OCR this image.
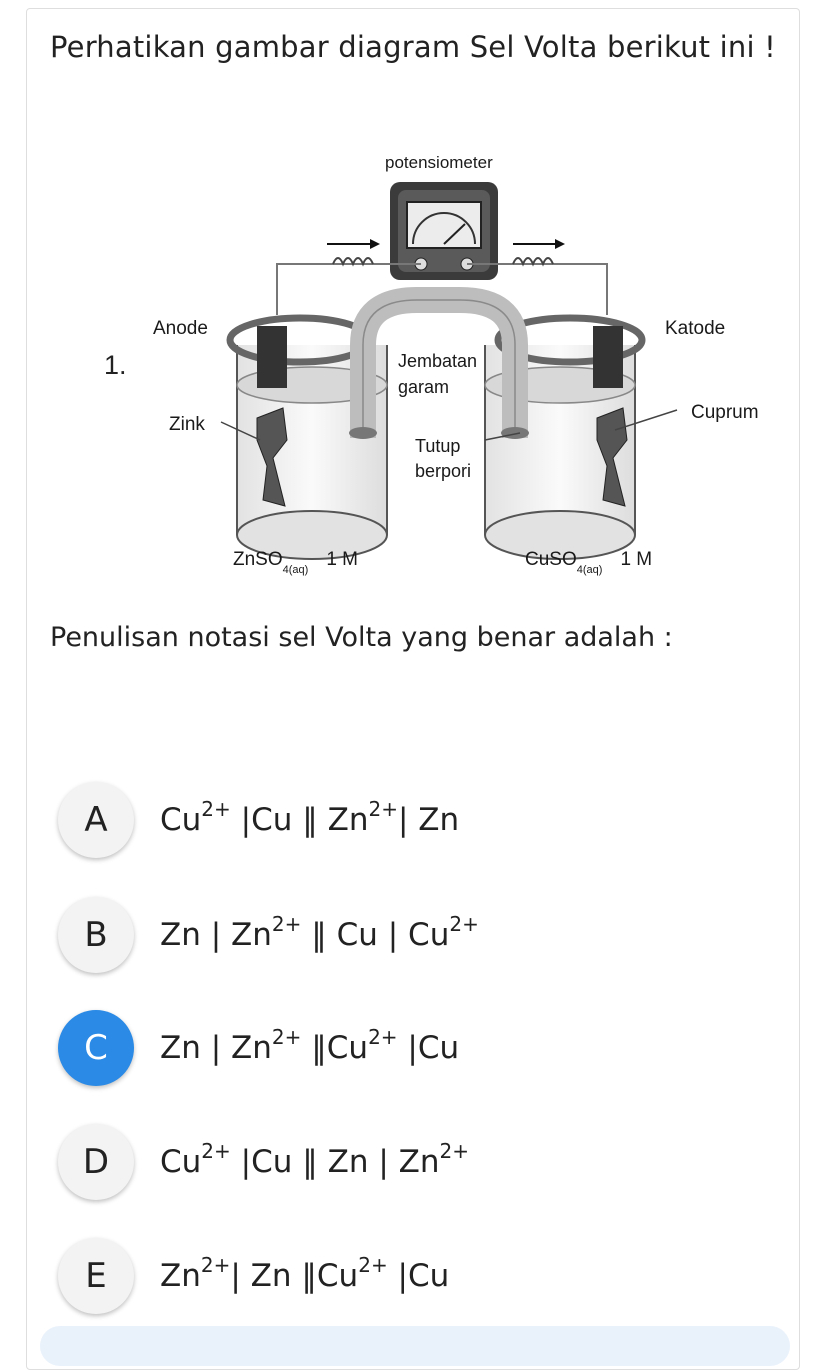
Perhatikan gambar diagram Sel Volta berikut ini !
1.
potensiometer
Anode	Katode
Jembatan
garam
Zink
Cuprum
Tutup
berpori
ZnSO$_{4(aq)}$ 1 M	CuSO$_{4(aq)}$ 1 M
Penulisan notasi sel Volta yang benar adalah :
A	$Cu^{2+}$ |Cu ‖ $Zn^{2+}|$ Zn
B	Zn | $Zn^{2+}$ ‖ Cu | $Cu^{2+}$
C	Zn | $Zn^{2+}$ $‖Cu^{2+}$ |Cu
D	$Cu^{2+}$ |Cu ‖ Zn | $Zn^{2+}$
E	$Zn^{2+}|$ Zn $‖Cu^{2+}$ |Cu
